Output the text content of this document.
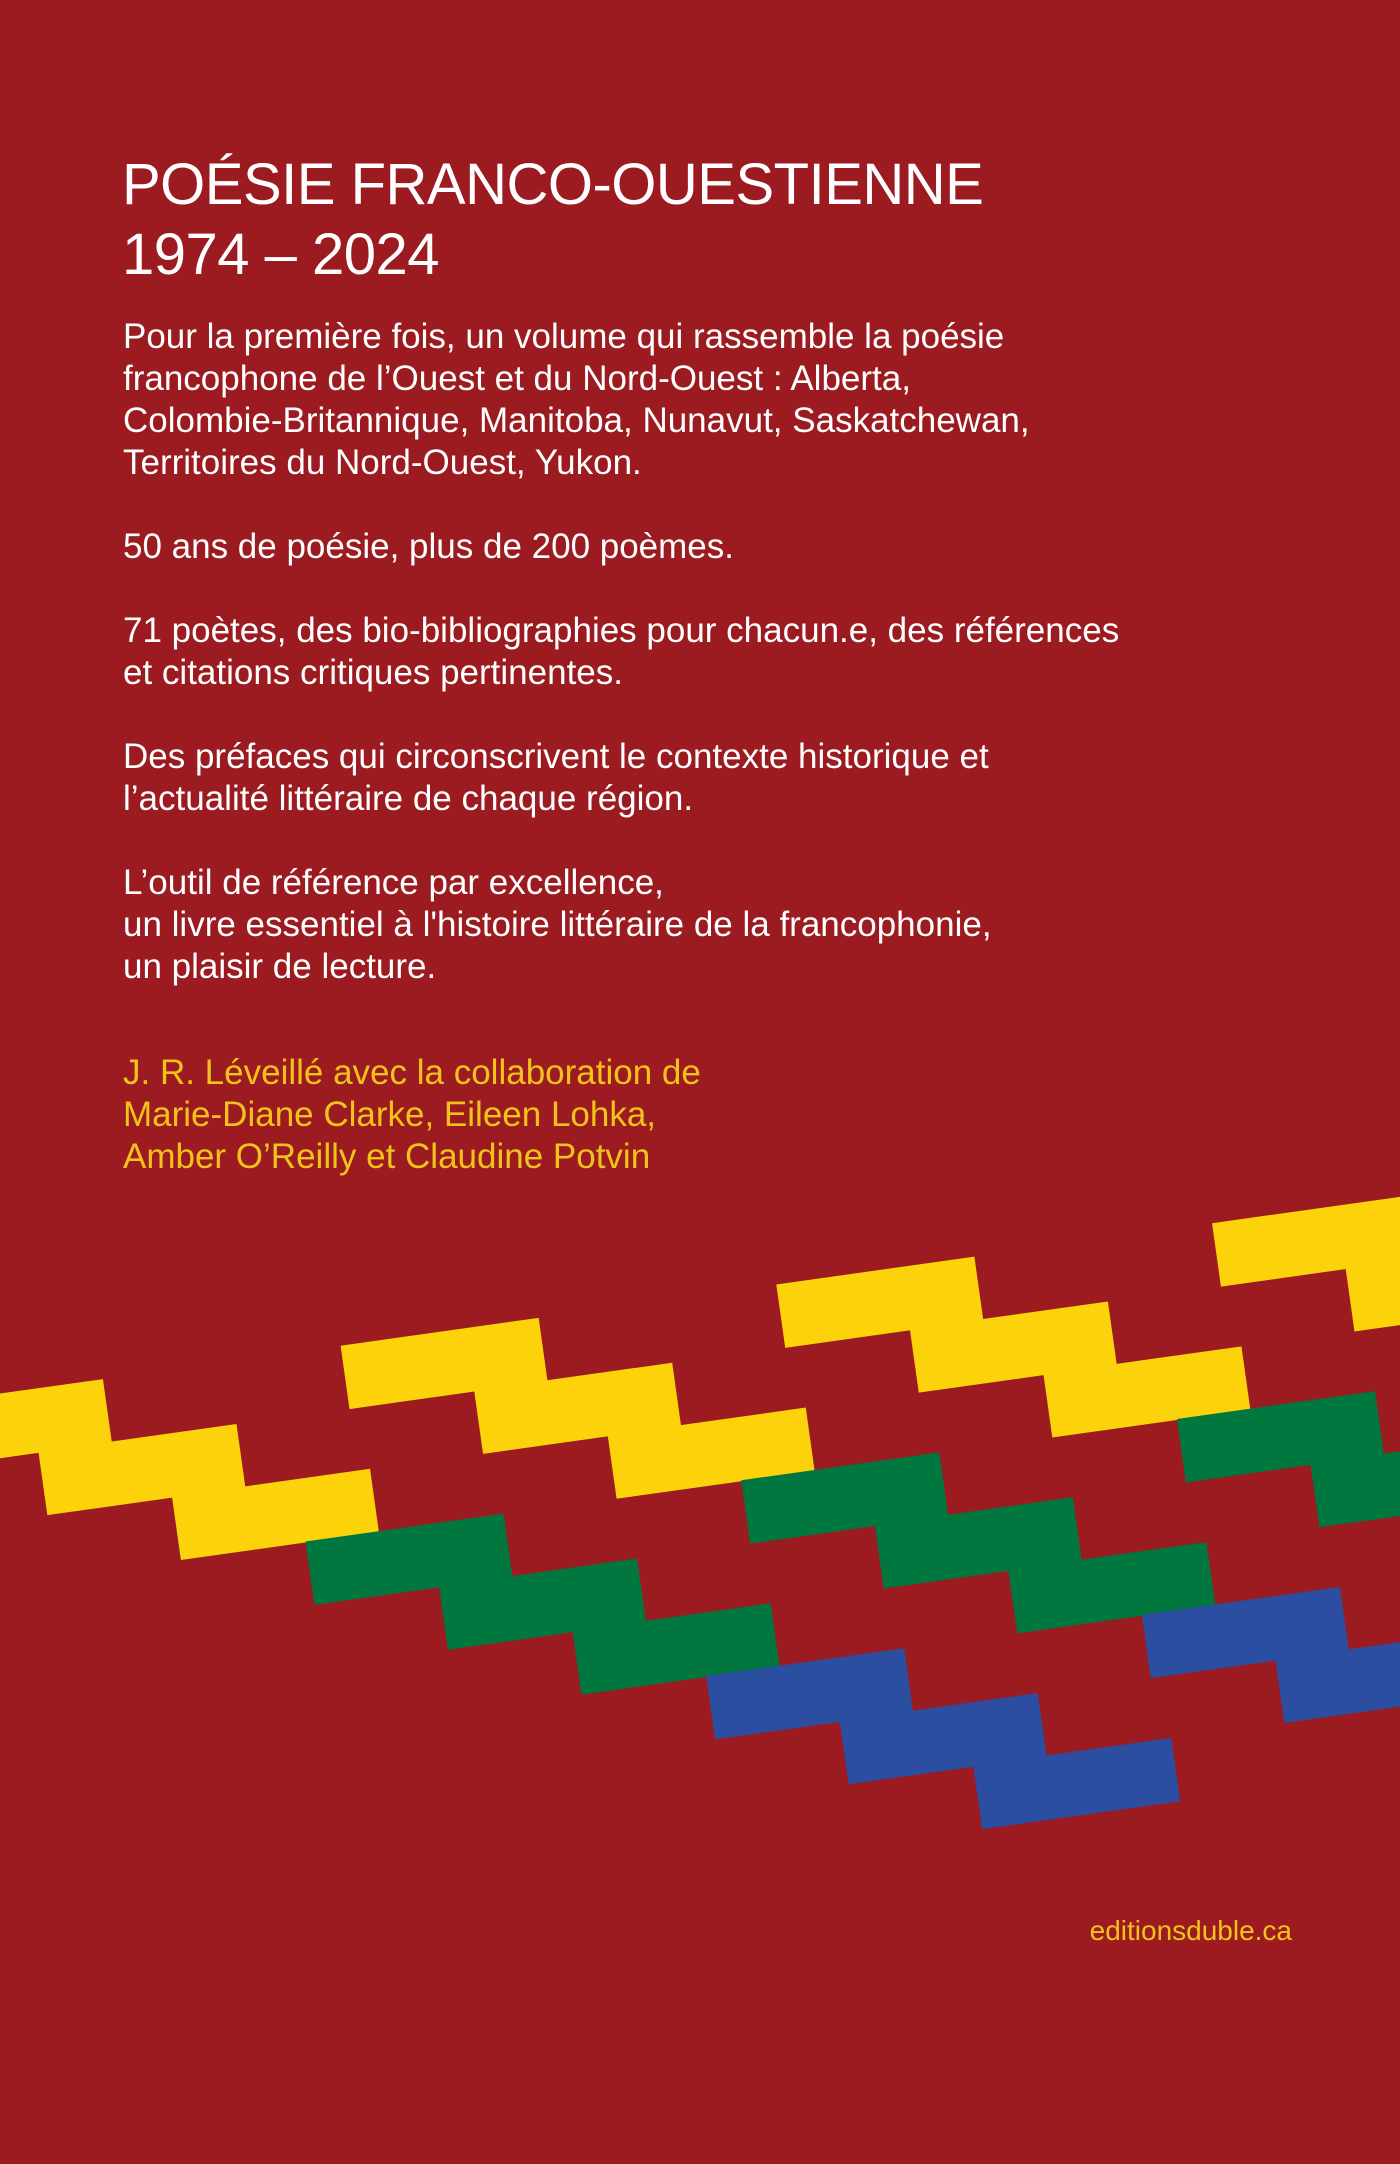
POÉSIE FRANCO-OUESTIENNE
1974 – 2024

Pour la première fois, un volume qui rassemble la poésie
francophone de l’Ouest et du Nord-Ouest : Alberta,
Colombie-Britannique, Manitoba, Nunavut, Saskatchewan,
Territoires du Nord-Ouest, Yukon.

50 ans de poésie, plus de 200 poèmes.

71 poètes, des bio-bibliographies pour chacun.e, des références
et citations critiques pertinentes.

Des préfaces qui circonscrivent le contexte historique et
l’actualité littéraire de chaque région.

L’outil de référence par excellence,
un livre essentiel à l'histoire littéraire de la francophonie,
un plaisir de lecture.

J. R. Léveillé avec la collaboration de
Marie-Diane Clarke, Eileen Lohka,
Amber O’Reilly et Claudine Potvin
editionsduble.ca
